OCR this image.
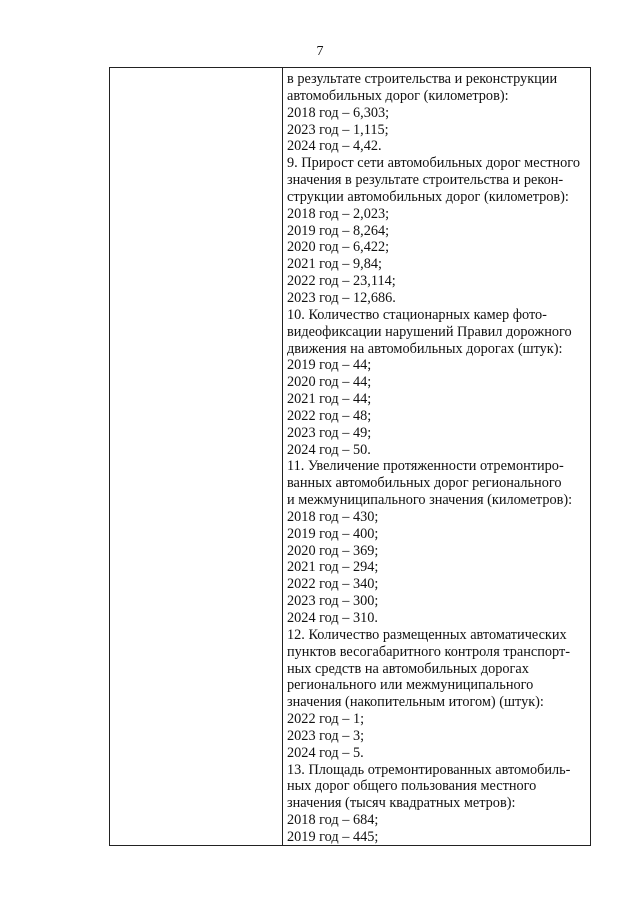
7
в результате строительства и реконструкции
автомобильных дорог (километров):
2018 год – 6,303;
2023 год – 1,115;
2024 год – 4,42.
9. Прирост сети автомобильных дорог местного
значения в результате строительства и рекон-
струкции автомобильных дорог (километров):
2018 год – 2,023;
2019 год – 8,264;
2020 год – 6,422;
2021 год – 9,84;
2022 год – 23,114;
2023 год – 12,686.
10. Количество стационарных камер фото-
видеофиксации нарушений Правил дорожного
движения на автомобильных дорогах (штук):
2019 год – 44;
2020 год – 44;
2021 год – 44;
2022 год – 48;
2023 год – 49;
2024 год – 50.
11. Увеличение протяженности отремонтиро-
ванных автомобильных дорог регионального
и межмуниципального значения (километров):
2018 год – 430;
2019 год – 400;
2020 год – 369;
2021 год – 294;
2022 год – 340;
2023 год – 300;
2024 год – 310.
12. Количество размещенных автоматических
пунктов весогабаритного контроля транспорт-
ных средств на автомобильных дорогах
регионального или межмуниципального
значения (накопительным итогом) (штук):
2022 год – 1;
2023 год – 3;
2024 год – 5.
13. Площадь отремонтированных автомобиль-
ных дорог общего пользования местного
значения (тысяч квадратных метров):
2018 год – 684;
2019 год – 445;
